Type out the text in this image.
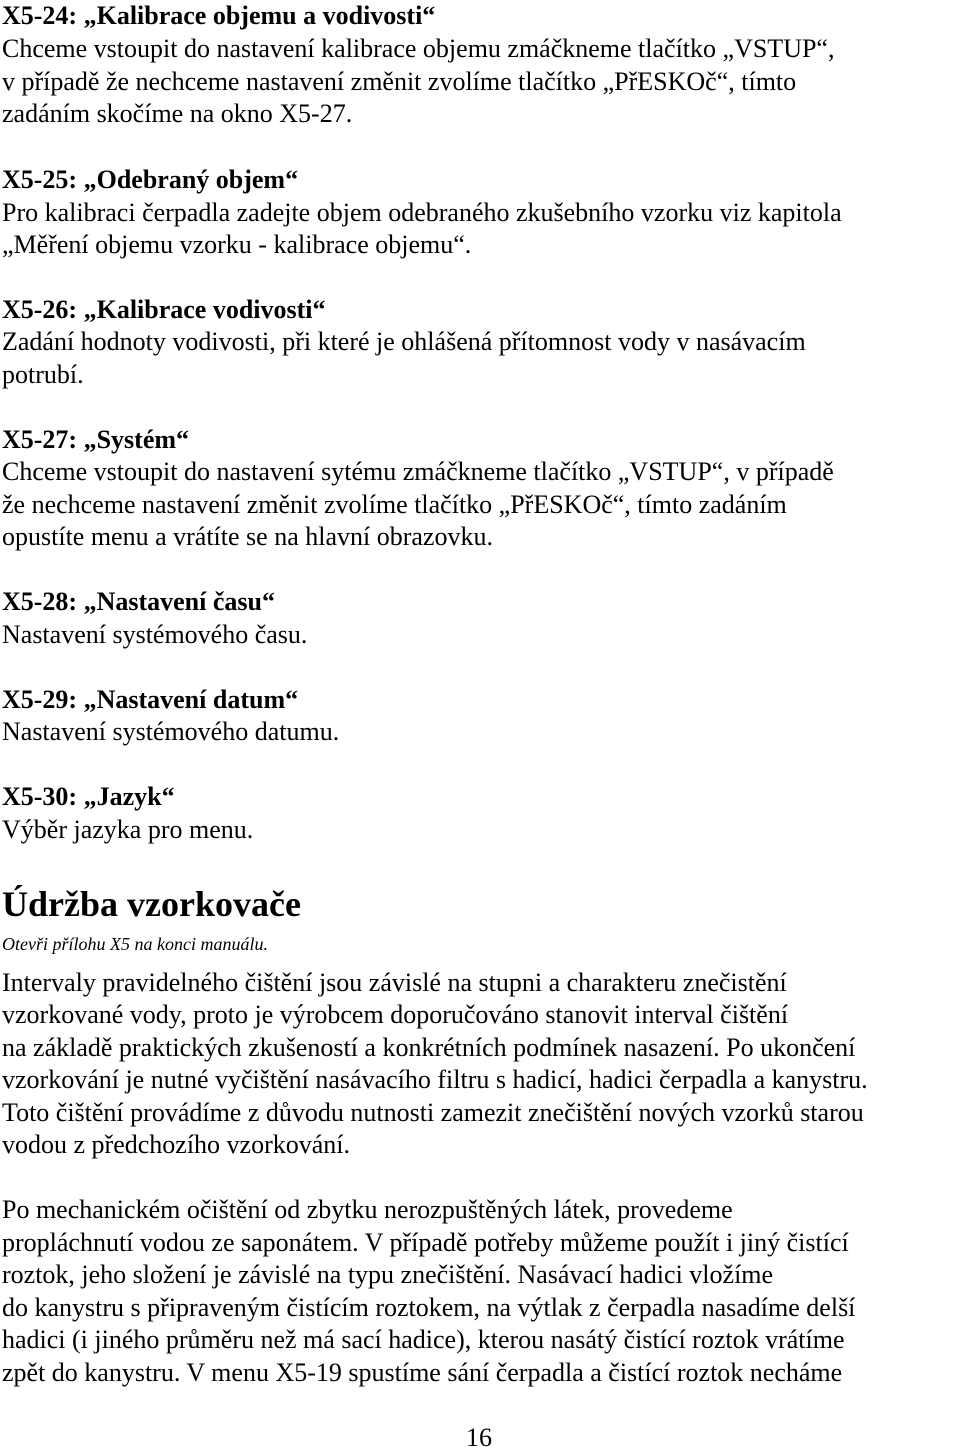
X5-24: „Kalibrace objemu a vodivosti“
Chceme vstoupit do nastavení kalibrace objemu zmáčkneme tlačítko „VSTUP“,
v případě že nechceme nastavení změnit zvolíme tlačítko „PřESKOč“, tímto
zadáním skočíme na okno X5-27.
X5-25: „Odebraný objem“
Pro kalibraci čerpadla zadejte objem odebraného zkušebního vzorku viz kapitola
„Měření objemu vzorku - kalibrace objemu“.
X5-26: „Kalibrace vodivosti“
Zadání hodnoty vodivosti, při které je ohlášená přítomnost vody v nasávacím
potrubí.
X5-27: „Systém“
Chceme vstoupit do nastavení sytému zmáčkneme tlačítko „VSTUP“, v případě
že nechceme nastavení změnit zvolíme tlačítko „PřESKOč“, tímto zadáním
opustíte menu a vrátíte se na hlavní obrazovku.
X5-28: „Nastavení času“
Nastavení systémového času.
X5-29: „Nastavení datum“
Nastavení systémového datumu.
X5-30: „Jazyk“
Výběr jazyka pro menu.
Údržba vzorkovače
Otevři přílohu X5 na konci manuálu.
Intervaly pravidelného čištění jsou závislé na stupni a charakteru znečistění
vzorkované vody, proto je výrobcem doporučováno stanovit interval čištění
na základě praktických zkušeností a konkrétních podmínek nasazení. Po ukončení
vzorkování je nutné vyčištění nasávacího filtru s hadicí, hadici čerpadla a kanystru.
Toto čištění provádíme z důvodu nutnosti zamezit znečištění nových vzorků starou
vodou z předchozího vzorkování.
Po mechanickém očištění od zbytku nerozpuštěných látek, provedeme
propláchnutí vodou ze saponátem. V případě potřeby můžeme použít i jiný čistící
roztok, jeho složení je závislé na typu znečištění. Nasávací hadici vložíme
do kanystru s připraveným čistícím roztokem, na výtlak z čerpadla nasadíme delší
hadici (i jiného průměru než má sací hadice), kterou nasátý čistící roztok vrátíme
zpět do kanystru. V menu X5-19 spustíme sání čerpadla a čistící roztok necháme
16
